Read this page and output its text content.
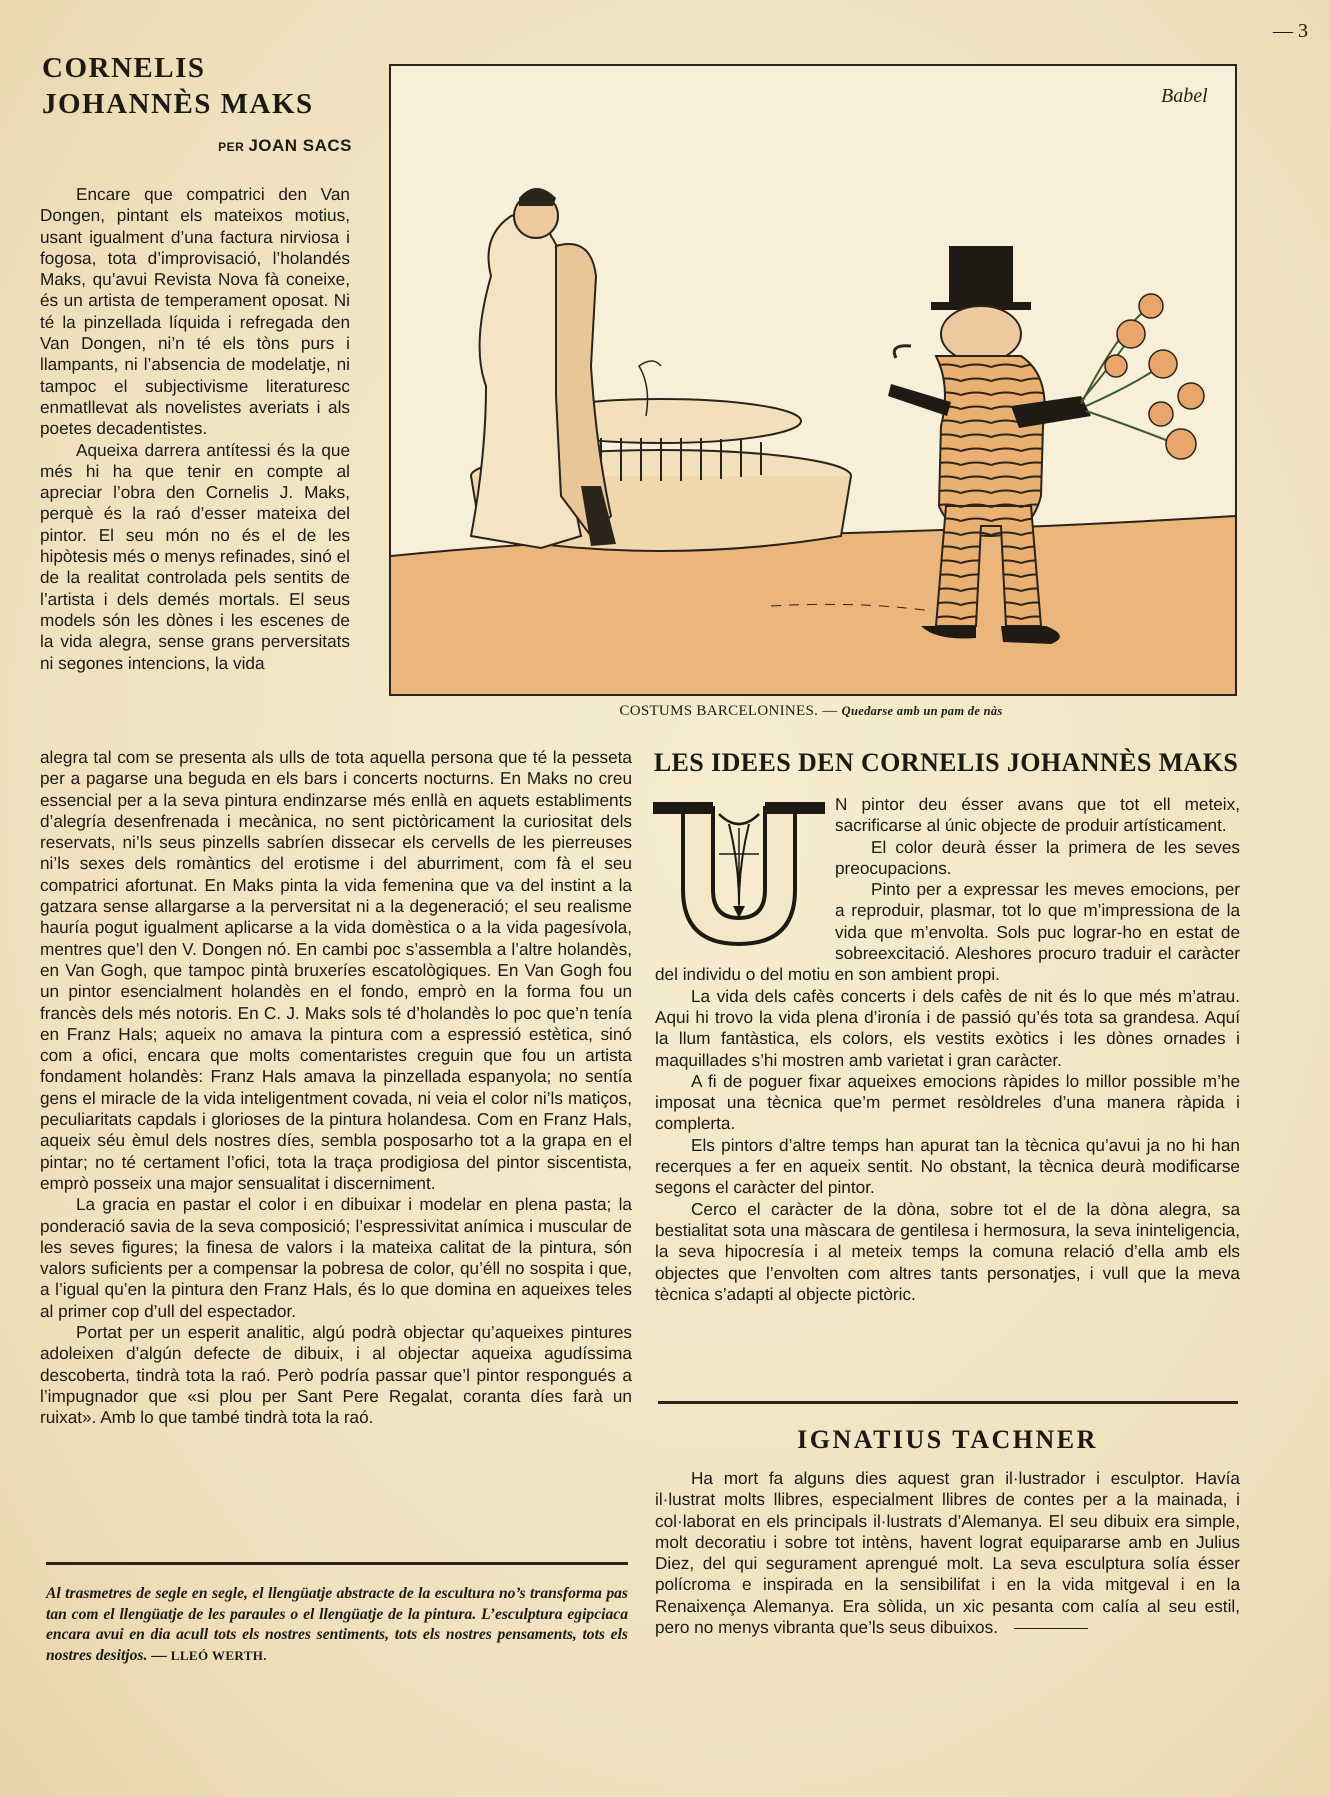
— 3
CORNELIS
JOHANNÈS MAKS
PER JOAN SACS

Encare que compatrici den Van Dongen, pintant els mateixos motius, usant igualment d’una factura nirviosa i fogosa, tota d’improvisació, l’holandés Maks, qu’avui Revista Nova fà coneixe, és un artista de temperament oposat. Ni té la pinzellada líquida i refregada den Van Dongen, ni’n té els tòns purs i llampants, ni l’absencia de modelatje, ni tampoc el subjectivisme literaturesc enmatllevat als novelistes averiats i als poetes decadentistes.

Aqueixa darrera antítessi és la que més hi ha que tenir en compte al apreciar l’obra den Cornelis J. Maks, perquè és la raó d’esser mateixa del pintor. El seu món no és el de les hipòtesis més o menys refinades, sinó el de la realitat controlada pels sentits de l’artista i dels demés mortals. El seus models són les dònes i les escenes de la vida alegra, sense grans perversitats ni segones intencions, la vida

alegra tal com se presenta als ulls de tota aquella persona que té la pesseta per a pagarse una beguda en els bars i concerts nocturns. En Maks no creu essencial per a la seva pintura endinzarse més enllà en aquets establiments d’alegría desenfrenada i mecànica, no sent pictòricament la curiositat dels reservats, ni’ls seus pinzells sabríen dissecar els cervells de les pierreuses ni’ls sexes dels romàntics del erotisme i del aburriment, com fà el seu compatrici afortunat. En Maks pinta la vida femenina que va del instint a la gatzara sense allargarse a la perversitat ni a la degeneració; el seu realisme hauría pogut igualment aplicarse a la vida domèstica o a la vida pagesívola, mentres que’l den V. Dongen nó. En cambi poc s’assembla a l’altre holandès, en Van Gogh, que tampoc pintà bruxeríes escatològiques. En Van Gogh fou un pintor esencialment holandès en el fondo, emprò en la forma fou un francès dels més notoris. En C. J. Maks sols té d’holandès lo poc que’n tenía en Franz Hals; aqueix no amava la pintura com a espressió estètica, sinó com a ofici, encara que molts comentaristes creguin que fou un artista fondament holandès: Franz Hals amava la pinzellada espanyola; no sentía gens el miracle de la vida inteligentment covada, ni veia el color ni’ls matiços, peculiaritats capdals i glorioses de la pintura holandesa. Com en Franz Hals, aqueix séu èmul dels nostres díes, sembla posposarho tot a la grapa en el pintar; no té certament l’ofici, tota la traça prodigiosa del pintor siscentista, emprò posseix una major sensualitat i discerniment.

La gracia en pastar el color i en dibuixar i modelar en plena pasta; la ponderació savia de la seva composició; l’espressivitat anímica i muscular de les seves figures; la finesa de valors i la mateixa calitat de la pintura, són valors suficients per a compensar la pobresa de color, qu’éll no sospita i que, a l’igual qu’en la pintura den Franz Hals, és lo que domina en aqueixes teles al primer cop d’ull del espectador.

Portat per un esperit analitic, algú podrà objectar qu’aqueixes pintures adoleixen d’algún defecte de dibuix, i al objectar aqueixa agudíssima descoberta, tindrà tota la raó. Però podría passar que’l pintor respongués a l’impugnador que «si plou per Sant Pere Regalat, coranta díes farà un ruixat». Amb lo que també tindrà tota la raó.

Al trasmetres de segle en segle, el llengüatje abstracte de la escultura no’s transforma pas tan com el llengüatje de les paraules o el llengüatje de la pintura. L’esculptura egipciaca encara avui en dia acull tots els nostres sentiments, tots els nostres pensaments, tots els nostres desitjos. — LLEÓ WERTH.
Babel
COSTUMS BARCELONINES. — Quedarse amb un pam de nàs
LES IDEES DEN CORNELIS JOHANNÈS MAKS

N pintor deu ésser avans que tot ell meteix, sacrificarse al únic objecte de produir artísticament.

El color deurà ésser la primera de les seves preocupacions.

Pinto per a expressar les meves emocions, per a reproduir, plasmar, tot lo que m’impressiona de la vida que m’envolta. Sols puc lograr-ho en estat de sobreexcitació. Aleshores procuro traduir el caràcter del individu o del motiu en son ambient propi.

La vida dels cafès concerts i dels cafès de nit és lo que més m’atrau. Aqui hi trovo la vida plena d’ironía i de passió qu’és tota sa grandesa. Aquí la llum fantàstica, els colors, els vestits exòtics i les dònes ornades i maquillades s’hi mostren amb varietat i gran caràcter.

A fi de poguer fixar aqueixes emocions ràpides lo millor possible m’he imposat una tècnica que’m permet resòldreles d’una manera ràpida i complerta.

Els pintors d’altre temps han apurat tan la tècnica qu’avui ja no hi han recerques a fer en aqueix sentit. No obstant, la tècnica deurà modificarse segons el caràcter del pintor.

Cerco el caràcter de la dòna, sobre tot el de la dòna alegra, sa bestialitat sota una màscara de gentilesa i hermosura, la seva ininteligencia, la seva hipocresía i al meteix temps la comuna relació d’ella amb els objectes que l’envolten com altres tants personatjes, i vull que la meva tècnica s’adapti al objecte pictòric.

IGNATIUS TACHNER

Ha mort fa alguns dies aquest gran il·lustrador i esculptor. Havía il·lustrat molts llibres, especialment llibres de contes per a la mainada, i col·laborat en els principals il·lustrats d’Alemanya. El seu dibuix era simple, molt decoratiu i sobre tot intèns, havent lograt equipararse amb en Julius Diez, del qui segurament aprengué molt. La seva esculptura solía ésser polícroma e inspirada en la sensibilifat i en la vida mitgeval i en la Renaixença Alemanya. Era sòlida, un xic pesanta com calía al seu estil, pero no menys vibranta que’ls seus dibuixos.
